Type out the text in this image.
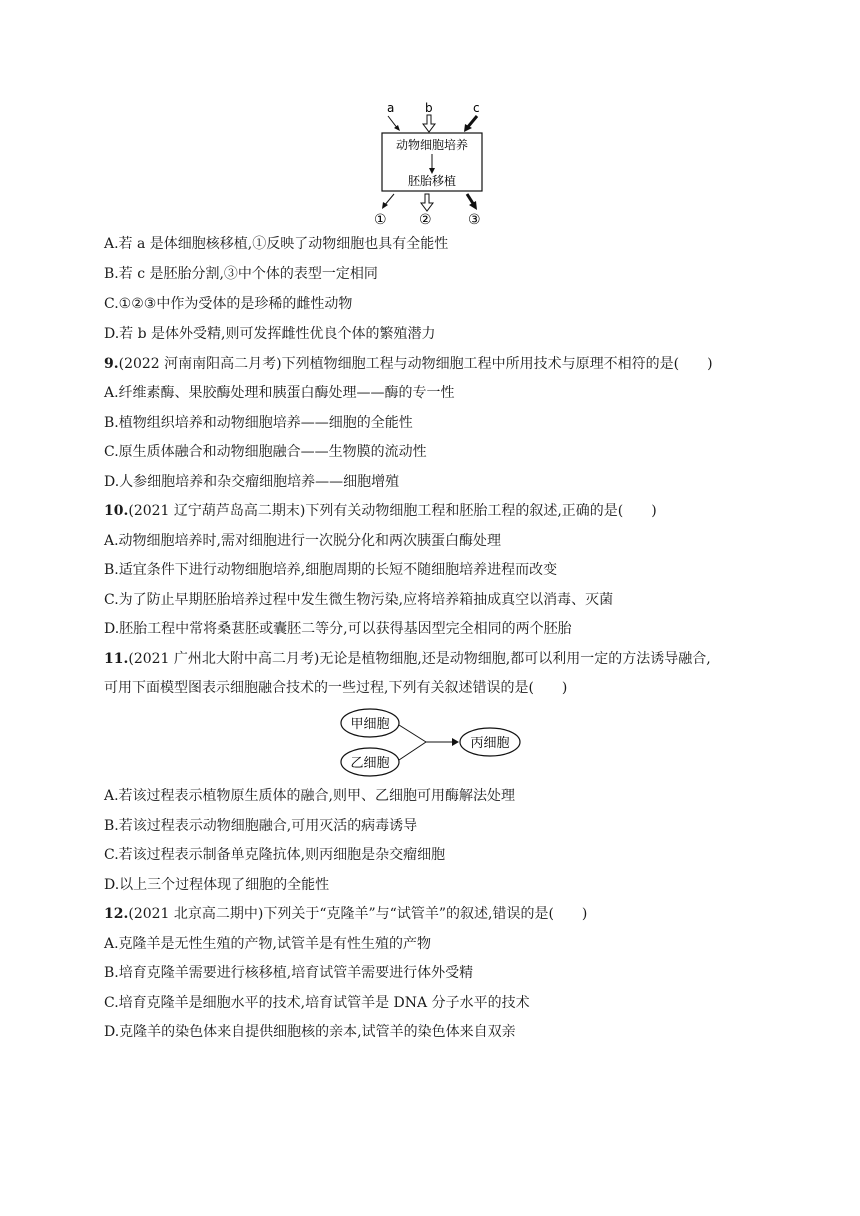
a	b	c
动物细胞培养
胚胎移植
① ②	③
A.若 a 是体细胞核移植,①反映了动物细胞也具有全能性
B.若 c 是胚胎分割,③中个体的表型一定相同
C.①②③中作为受体的是珍稀的雌性动物
D.若 b 是体外受精,则可发挥雌性优良个体的繁殖潜力
9.(2022 河南南阳高二月考)下列植物细胞工程与动物细胞工程中所用技术与原理不相符的是(　　)
A.纤维素酶、果胶酶处理和胰蛋白酶处理——酶的专一性
B.植物组织培养和动物细胞培养——细胞的全能性
C.原生质体融合和动物细胞融合——生物膜的流动性
D.人参细胞培养和杂交瘤细胞培养——细胞增殖
10.(2021 辽宁葫芦岛高二期末)下列有关动物细胞工程和胚胎工程的叙述,正确的是(　　)
A.动物细胞培养时,需对细胞进行一次脱分化和两次胰蛋白酶处理
B.适宜条件下进行动物细胞培养,细胞周期的长短不随细胞培养进程而改变
C.为了防止早期胚胎培养过程中发生微生物污染,应将培养箱抽成真空以消毒、灭菌
D.胚胎工程中常将桑葚胚或囊胚二等分,可以获得基因型完全相同的两个胚胎
11.(2021 广州北大附中高二月考)无论是植物细胞,还是动物细胞,都可以利用一定的方法诱导融合,
可用下面模型图表示细胞融合技术的一些过程,下列有关叙述错误的是(　　)
甲细胞
乙细胞
丙细胞
A.若该过程表示植物原生质体的融合,则甲、乙细胞可用酶解法处理
B.若该过程表示动物细胞融合,可用灭活的病毒诱导
C.若该过程表示制备单克隆抗体,则丙细胞是杂交瘤细胞
D.以上三个过程体现了细胞的全能性
12.(2021 北京高二期中)下列关于“克隆羊”与“试管羊”的叙述,错误的是(　　)
A.克隆羊是无性生殖的产物,试管羊是有性生殖的产物
B.培育克隆羊需要进行核移植,培育试管羊需要进行体外受精
C.培育克隆羊是细胞水平的技术,培育试管羊是 DNA 分子水平的技术
D.克隆羊的染色体来自提供细胞核的亲本,试管羊的染色体来自双亲
